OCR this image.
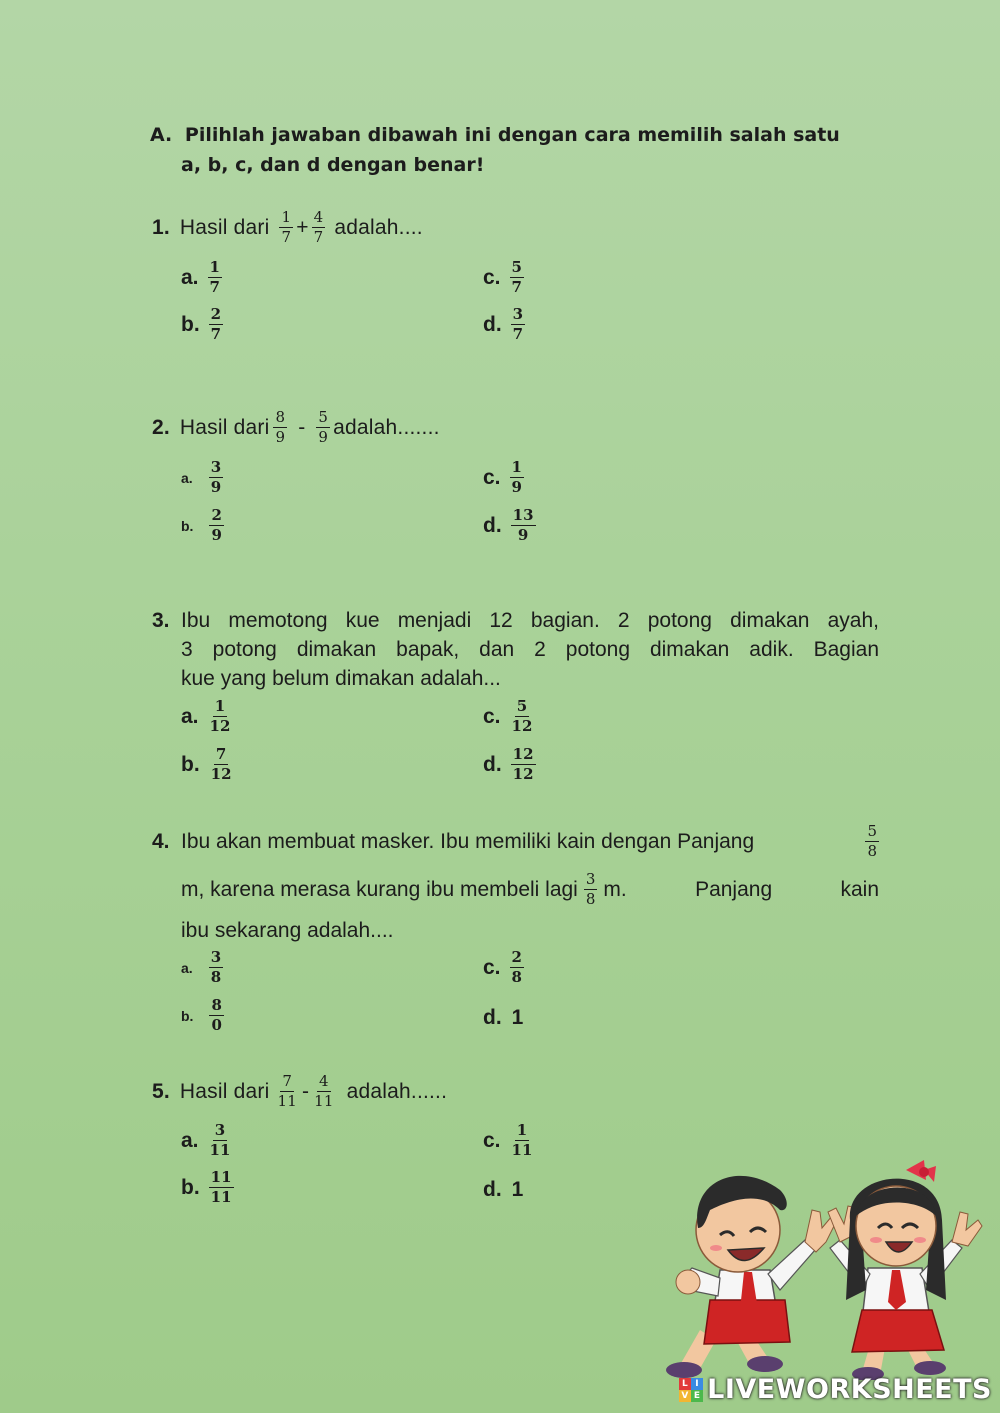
A. Pilihlah jawaban dibawah ini dengan cara memilih salah satu
a, b, c, dan d dengan benar!
1. Hasil dari $\frac{1}{7} + \frac{4}{7}$ adalah....
a. $\frac{1}{7}$
b. $\frac{2}{7}$
c. $\frac{5}{7}$
d. $\frac{3}{7}$
2. Hasil dari $\frac{8}{9} - \frac{5}{9}$ adalah.......
a. $\frac{3}{9}$
b. $\frac{2}{9}$
c. $\frac{1}{9}$
d. $\frac{13}{9}$
3. Ibu memotong kue menjadi 12 bagian. 2 potong dimakan ayah,
3 potong dimakan bapak, dan 2 potong dimakan adik. Bagian
kue yang belum dimakan adalah...
a. $\frac{1}{12}$
b. $\frac{7}{12}$
c. $\frac{5}{12}$
d. $\frac{12}{12}$
4. Ibu akan membuat masker. Ibu memiliki kain dengan Panjang	$\frac{5}{8}$
m, karena merasa kurang ibu membeli lagi $\frac{3}{8} m$. Panjang kain
ibu sekarang adalah....
a. $\frac{3}{8}$
b. $\frac{8}{0}$
c. $\frac{2}{8}$
d. 1
5. Hasil dari $\frac{7}{11} - \frac{4}{11}$ adalah......
a. $\frac{3}{11}$
b. $\frac{11}{11}$
c. $\frac{1}{11}$
d. 1
L I
V E LIVEWORKSHEETS
